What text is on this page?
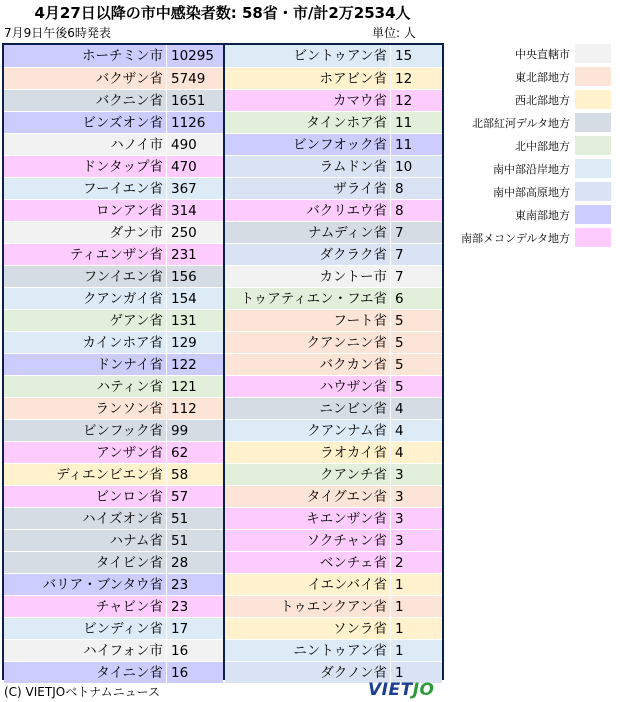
4月27日以降の市中感染者数: 58省・市/計2万2534人
7月9日午後6時発表	単位: 人
ホーチミン市 10295
バクザン省 5749
バクニン省 1651
ビンズオン省 1126
ハノイ市 490
ドンタップ省 470
フーイエン省 367
ロンアン省 314
ダナン市 250
ティエンザン省 231
フンイエン省 156
クアンガイ省 154
ゲアン省 131
カインホア省 129
ドンナイ省 122
ハティン省 121
ランソン省 112
ビンフック省 99
アンザン省 62
ディエンビエン省 58
ビンロン省 57
ハイズオン省 51
ハナム省 51
タイビン省 28
バリア・ブンタウ省 23
チャビン省 23
ビンディン省 17
ハイフォン市 16
タイニン省 16
ビントゥアン省 15
ホアビン省 12
カマウ省 12
タインホア省 11
ビンフオック省 11
ラムドン省 10
ザライ省 8
バクリエウ省 8
ナムディン省 7
ダクラク省 7
カントー市 7
トゥアティエン・フエ省 6
フート省 5
クアンニン省 5
バクカン省 5
ハウザン省 5
ニンビン省 4
クアンナム省 4
ラオカイ省 4
クアンチ省 3
タイグエン省 3
キエンザン省 3
ソクチャン省 3
ベンチェ省 2
イエンバイ省 1
トゥエンクアン省 1
ソンラ省 1
ニントゥアン省 1
ダクノン省 1
中央直轄市
東北部地方
西北部地方
北部紅河デルタ地方
北中部地方
南中部沿岸地方
南中部高原地方
東南部地方
南部メコンデルタ地方
(C) VIETJOベトナムニュース	VIETJO
